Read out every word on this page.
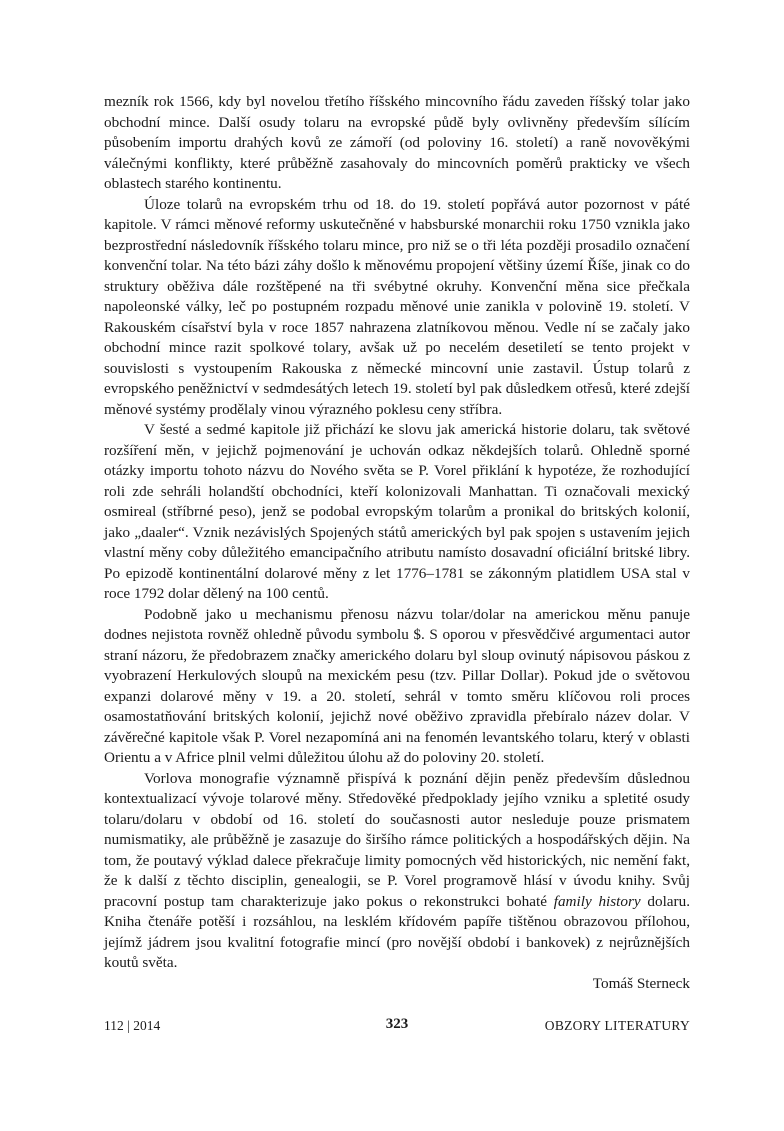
mezník rok 1566, kdy byl novelou třetího říšského mincovního řádu zaveden říšský tolar jako obchodní mince. Další osudy tolaru na evropské půdě byly ovlivněny především sílícím působením importu drahých kovů ze zámoří (od poloviny 16. století) a raně novověkými válečnými konflikty, které průběžně zasahovaly do mincovních poměrů prakticky ve všech oblastech starého kontinentu.

Úloze tolarů na evropském trhu od 18. do 19. století popřává autor pozornost v páté kapitole. V rámci měnové reformy uskutečněné v habsburské monarchii roku 1750 vznikla jako bezprostřední následovník říšského tolaru mince, pro niž se o tři léta později prosadilo označení konvenční tolar. Na této bázi záhy došlo k měnovému propojení většiny území Říše, jinak co do struktury oběživa dále rozštěpené na tři svébytné okruhy. Konvenční měna sice přečkala napoleonské války, leč po postupném rozpadu měnové unie zanikla v polovině 19. století. V Rakouském císařství byla v roce 1857 nahrazena zlatníkovou měnou. Vedle ní se začaly jako obchodní mince razit spolkové tolary, avšak už po necelém desetiletí se tento projekt v souvislosti s vystoupením Rakouska z německé mincovní unie zastavil. Ústup tolarů z evropského peněžnictví v sedmdesátých letech 19. století byl pak důsledkem otřesů, které zdejší měnové systémy prodělaly vinou výrazného poklesu ceny stříbra.

V šesté a sedmé kapitole již přichází ke slovu jak americká historie dolaru, tak světové rozšíření měn, v jejichž pojmenování je uchován odkaz někdejších tolarů. Ohledně sporné otázky importu tohoto názvu do Nového světa se P. Vorel přiklání k hypotéze, že rozhodující roli zde sehráli holandští obchodníci, kteří kolonizovali Manhattan. Ti označovali mexický osmireal (stříbrné peso), jenž se podobal evropským tolarům a pronikal do britských kolonií, jako „daaler“. Vznik nezávislých Spojených států amerických byl pak spojen s ustavením jejich vlastní měny coby důležitého emancipačního atributu namísto dosavadní oficiální britské libry. Po epizodě kontinentální dolarové měny z let 1776–1781 se zákonným platidlem USA stal v roce 1792 dolar dělený na 100 centů.

Podobně jako u mechanismu přenosu názvu tolar/dolar na americkou měnu panuje dodnes nejistota rovněž ohledně původu symbolu $. S oporou v přesvědčivé argumentaci autor straní názoru, že předobrazem značky amerického dolaru byl sloup ovinutý nápisovou páskou z vyobrazení Herkulových sloupů na mexickém pesu (tzv. Pillar Dollar). Pokud jde o světovou expanzi dolarové měny v 19. a 20. století, sehrál v tomto směru klíčovou roli proces osamostatňování britských kolonií, jejichž nové oběživo zpravidla přebíralo název dolar. V závěrečné kapitole však P. Vorel nezapomíná ani na fenomén levantského tolaru, který v oblasti Orientu a v Africe plnil velmi důležitou úlohu až do poloviny 20. století.

Vorlova monografie významně přispívá k poznání dějin peněz především důslednou kontextualizací vývoje tolarové měny. Středověké předpoklady jejího vzniku a spletité osudy tolaru/dolaru v období od 16. století do současnosti autor nesleduje pouze prismatem numismatiky, ale průběžně je zasazuje do širšího rámce politických a hospodářských dějin. Na tom, že poutavý výklad dalece překračuje limity pomocných věd historických, nic nemění fakt, že k další z těchto disciplin, genealogii, se P. Vorel programově hlásí v úvodu knihy. Svůj pracovní postup tam charakterizuje jako pokus o rekonstrukci bohaté family history dolaru. Kniha čtenáře potěší i rozsáhlou, na lesklém křídovém papíře tištěnou obrazovou přílohou, jejímž jádrem jsou kvalitní fotografie mincí (pro novější období i bankovek) z nejrůznějších koutů světa.

Tomáš Sterneck

112 | 2014	323	OBZORY LITERATURY
